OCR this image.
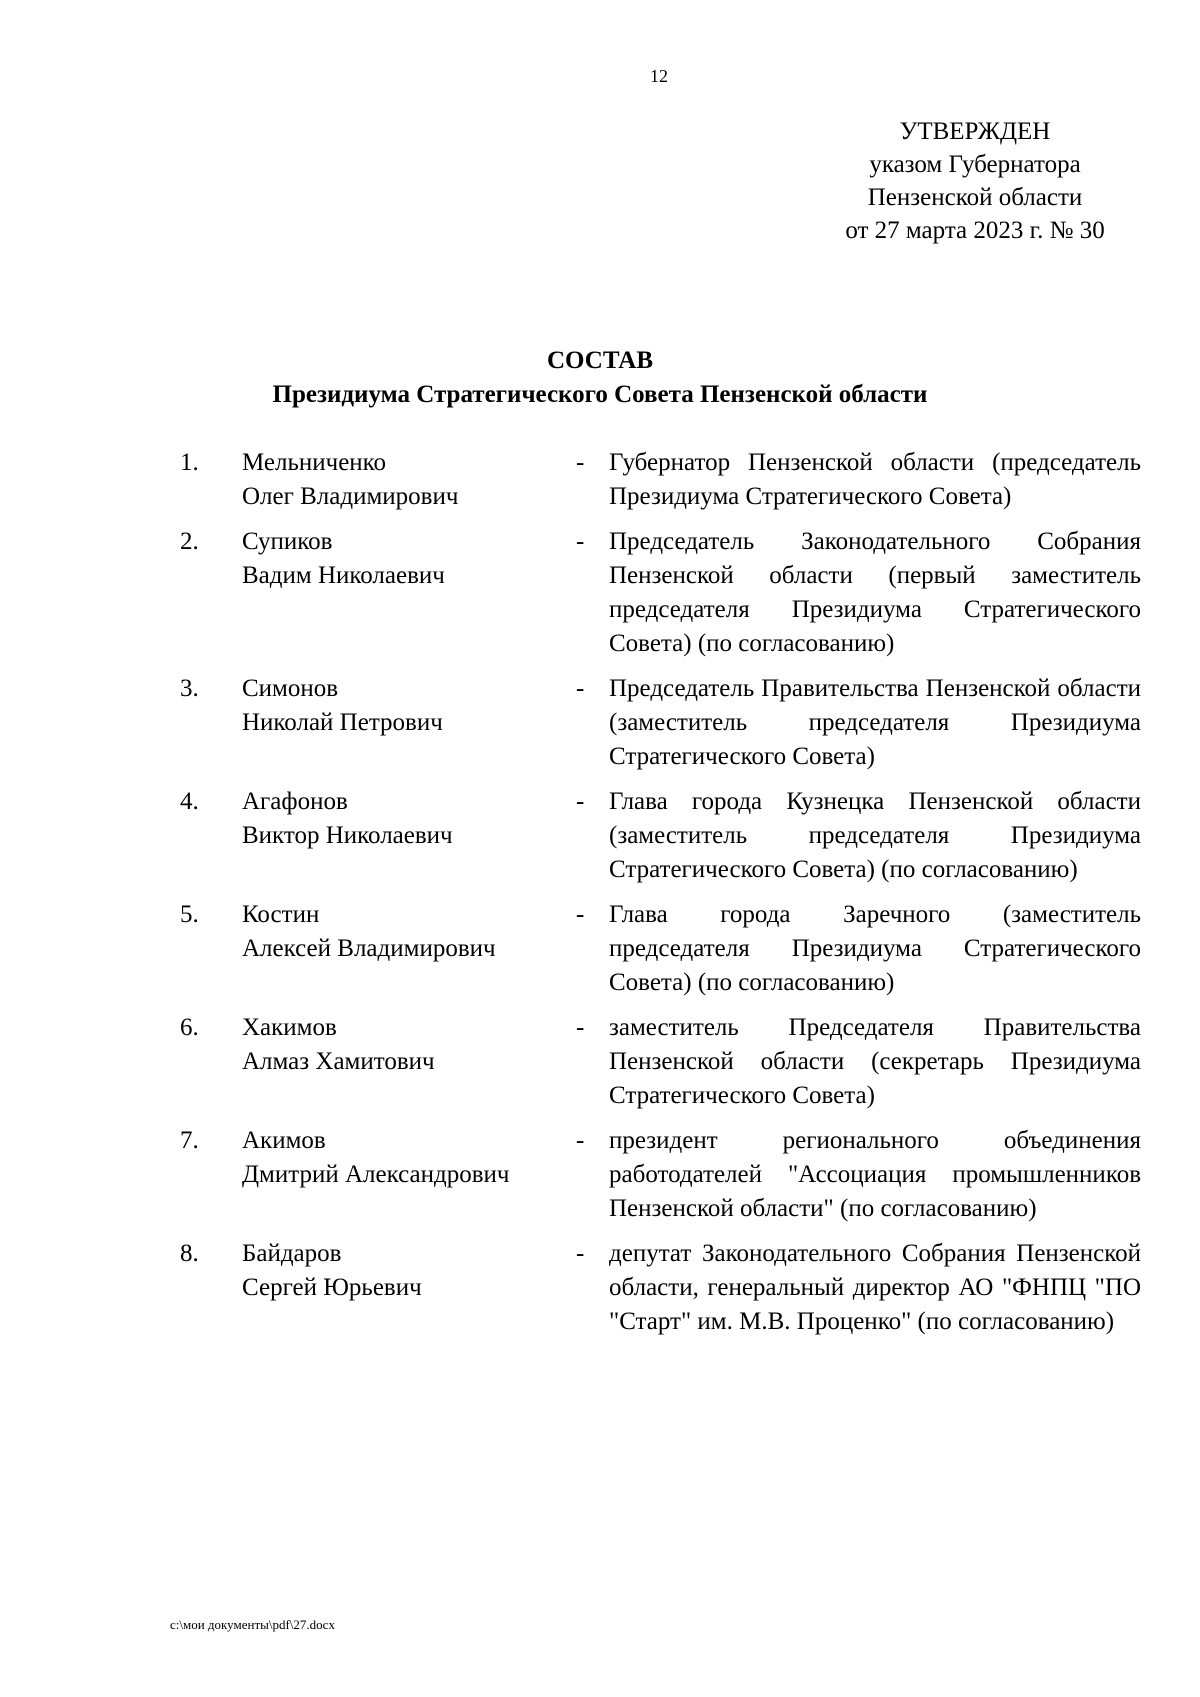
12
УТВЕРЖДЕН
указом Губернатора
Пензенской области
от 27 марта 2023 г. № 30
СОСТАВ
Президиума Стратегического Совета Пензенской области
1. Мельниченко
Олег Владимирович
- Губернатор Пензенской области (председатель Президиума Стратегического Совета)
2. Супиков
Вадим Николаевич
- Председатель Законодательного Собрания Пензенской области (первый заместитель председателя Президиума Стратегического Совета) (по согласованию)
3. Симонов
Николай Петрович
- Председатель Правительства Пензенской области (заместитель председателя Президиума Стратегического Совета)
4. Агафонов
Виктор Николаевич
- Глава города Кузнецка Пензенской области (заместитель председателя Президиума Стратегического Совета) (по согласованию)
5. Костин
Алексей Владимирович
- Глава города Заречного (заместитель председателя Президиума Стратегического Совета) (по согласованию)
6. Хакимов
Алмаз Хамитович
- заместитель Председателя Правительства Пензенской области (секретарь Президиума Стратегического Совета)
7. Акимов
Дмитрий Александрович
- президент регионального объединения работодателей "Ассоциация промышленников Пензенской области" (по согласованию)
8. Байдаров
Сергей Юрьевич
- депутат Законодательного Собрания Пензенской области, генеральный директор АО "ФНПЦ "ПО "Старт" им. М.В. Проценко" (по согласованию)
c:\мои документы\pdf\27.docx
